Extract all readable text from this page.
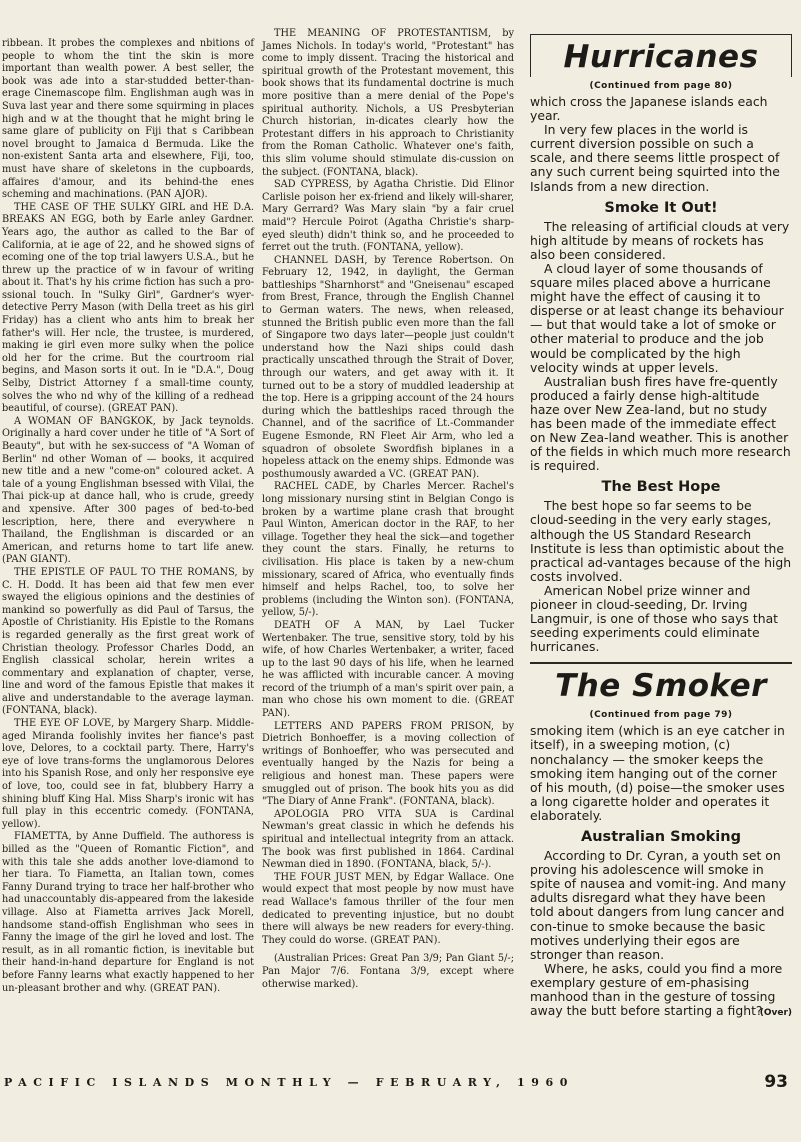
ribbean. It probes the complexes and nbitions of people to whom the tint the skin is more important than wealth power. A best seller, the book was ade into a star-studded better-than-erage Cinemascope film. Englishman augh was in Suva last year and there some squirming in places high and w at the thought that he might bring le same glare of publicity on Fiji that s Caribbean novel brought to Jamaica d Bermuda. Like the non-existent Santa arta and elsewhere, Fiji, too, must have share of skeletons in the cupboards, affaires d'amour, and its behind-the enes scheming and machinations. (PAN AJOR).

THE CASE OF THE SULKY GIRL and HE D.A. BREAKS AN EGG, both by Earle anley Gardner. Years ago, the author as called to the Bar of California, at ie age of 22, and he showed signs of ecoming one of the top trial lawyers U.S.A., but he threw up the practice of w in favour of writing about it. That's hy his crime fiction has such a pro-ssional touch. In "Sulky Girl", Gardner's wyer-detective Perry Mason (with Della treet as his girl Friday) has a client who ants him to break her father's will. Her ncle, the trustee, is murdered, making ie girl even more sulky when the police old her for the crime. But the courtroom rial begins, and Mason sorts it out. In ie "D.A.", Doug Selby, District Attorney f a small-time county, solves the who nd why of the killing of a redhead beautiful, of course). (GREAT PAN).

A WOMAN OF BANGKOK, by Jack teynolds. Originally a hard cover under he title of "A Sort of Beauty", but with he sex-success of "A Woman of Berlin" nd other Woman of — books, it acquired new title and a new "come-on" coloured acket. A tale of a young Englishman bsessed with Vilai, the Thai pick-up at dance hall, who is crude, greedy and xpensive. After 300 pages of bed-to-bed lescription, here, there and everywhere n Thailand, the Englishman is discarded or an American, and returns home to tart life anew. (PAN GIANT).

THE EPISTLE OF PAUL TO THE ROMANS, by C. H. Dodd. It has been aid that few men ever swayed the eligious opinions and the destinies of mankind so powerfully as did Paul of Tarsus, the Apostle of Christianity. His Epistle to the Romans is regarded generally as the first great work of Christian theology. Professor Charles Dodd, an English classical scholar, herein writes a commentary and explanation of chapter, verse, line and word of the famous Epistle that makes it alive and understandable to the average layman. (FONTANA, black).

THE EYE OF LOVE, by Margery Sharp. Middle-aged Miranda foolishly invites her fiance's past love, Delores, to a cocktail party. There, Harry's eye of love trans-forms the unglamorous Delores into his Spanish Rose, and only her responsive eye of love, too, could see in fat, blubbery Harry a shining bluff King Hal. Miss Sharp's ironic wit has full play in this eccentric comedy. (FONTANA, yellow).

FIAMETTA, by Anne Duffield. The authoress is billed as the "Queen of Romantic Fiction", and with this tale she adds another love-diamond to her tiara. To Fiametta, an Italian town, comes Fanny Durand trying to trace her half-brother who had unaccountably dis-appeared from the lakeside village. Also at Fiametta arrives Jack Morell, handsome stand-offish Englishman who sees in Fanny the image of the girl he loved and lost. The result, as in all romantic fiction, is inevitable but their hand-in-hand departure for England is not before Fanny learns what exactly happened to her un-pleasant brother and why. (GREAT PAN).

THE MEANING OF PROTESTANTISM, by James Nichols. In today's world, "Protestant" has come to imply dissent. Tracing the historical and spiritual growth of the Protestant movement, this book shows that its fundamental doctrine is much more positive than a mere denial of the Pope's spiritual authority. Nichols, a US Presbyterian Church historian, in-dicates clearly how the Protestant differs in his approach to Christianity from the Roman Catholic. Whatever one's faith, this slim volume should stimulate dis-cussion on the subject. (FONTANA, black).

SAD CYPRESS, by Agatha Christie. Did Elinor Carlisle poison her ex-friend and likely will-sharer, Mary Gerrard? Was Mary slain "by a fair cruel maid"? Hercule Poirot (Agatha Christie's sharp-eyed sleuth) didn't think so, and he proceeded to ferret out the truth. (FONTANA, yellow).

CHANNEL DASH, by Terence Robertson. On February 12, 1942, in daylight, the German battleships "Sharnhorst" and "Gneisenau" escaped from Brest, France, through the English Channel to German waters. The news, when released, stunned the British public even more than the fall of Singapore two days later—people just couldn't understand how the Nazi ships could dash practically unscathed through the Strait of Dover, through our waters, and get away with it. It turned out to be a story of muddled leadership at the top. Here is a gripping account of the 24 hours during which the battleships raced through the Channel, and of the sacrifice of Lt.-Commander Eugene Esmonde, RN Fleet Air Arm, who led a squadron of obsolete Swordfish biplanes in a hopeless attack on the enemy ships. Edmonde was posthumously awarded a VC. (GREAT PAN).

RACHEL CADE, by Charles Mercer. Rachel's long missionary nursing stint in Belgian Congo is broken by a wartime plane crash that brought Paul Winton, American doctor in the RAF, to her village. Together they heal the sick—and together they count the stars. Finally, he returns to civilisation. His place is taken by a new-chum missionary, scared of Africa, who eventually finds himself and helps Rachel, too, to solve her problems (including the Winton son). (FONTANA, yellow, 5/-).

DEATH OF A MAN, by Lael Tucker Wertenbaker. The true, sensitive story, told by his wife, of how Charles Wertenbaker, a writer, faced up to the last 90 days of his life, when he learned he was afflicted with incurable cancer. A moving record of the triumph of a man's spirit over pain, a man who chose his own moment to die. (GREAT PAN).

LETTERS AND PAPERS FROM PRISON, by Dietrich Bonhoeffer, is a moving collection of writings of Bonhoeffer, who was persecuted and eventually hanged by the Nazis for being a religious and honest man. These papers were smuggled out of prison. The book hits you as did "The Diary of Anne Frank". (FONTANA, black).

APOLOGIA PRO VITA SUA is Cardinal Newman's great classic in which he defends his spiritual and intellectual integrity from an attack. The book was first published in 1864. Cardinal Newman died in 1890. (FONTANA, black, 5/-).

THE FOUR JUST MEN, by Edgar Wallace. One would expect that most people by now must have read Wallace's famous thriller of the four men dedicated to preventing injustice, but no doubt there will always be new readers for every-thing. They could do worse. (GREAT PAN).

(Australian Prices: Great Pan 3/9; Pan Giant 5/-; Pan Major 7/6. Fontana 3/9, except where otherwise marked).

Hurricanes
(Continued from page 80)

which cross the Japanese islands each year.

In very few places in the world is current diversion possible on such a scale, and there seems little prospect of any such current being squirted into the Islands from a new direction.

Smoke It Out!

The releasing of artificial clouds at very high altitude by means of rockets has also been considered.

A cloud layer of some thousands of square miles placed above a hurricane might have the effect of causing it to disperse or at least change its behaviour — but that would take a lot of smoke or other material to produce and the job would be complicated by the high velocity winds at upper levels.

Australian bush fires have fre-quently produced a fairly dense high-altitude haze over New Zea-land, but no study has been made of the immediate effect on New Zea-land weather. This is another of the fields in which much more research is required.

The Best Hope

The best hope so far seems to be cloud-seeding in the very early stages, although the US Standard Research Institute is less than optimistic about the practical ad-vantages because of the high costs involved.

American Nobel prize winner and pioneer in cloud-seeding, Dr. Irving Langmuir, is one of those who says that seeding experiments could eliminate hurricanes.

The Smoker
(Continued from page 79)

smoking item (which is an eye catcher in itself), in a sweeping motion, (c) nonchalancy — the smoker keeps the smoking item hanging out of the corner of his mouth, (d) poise—the smoker uses a long cigarette holder and operates it elaborately.

Australian Smoking

According to Dr. Cyran, a youth set on proving his adolescence will smoke in spite of nausea and vomit-ing. And many adults disregard what they have been told about dangers from lung cancer and con-tinue to smoke because the basic motives underlying their egos are stronger than reason.

Where, he asks, could you find a more exemplary gesture of em-phasising manhood than in the gesture of tossing away the butt before starting a fight?

(Over)
PACIFIC ISLANDS MONTHLY — FEBRUARY, 1960	93
